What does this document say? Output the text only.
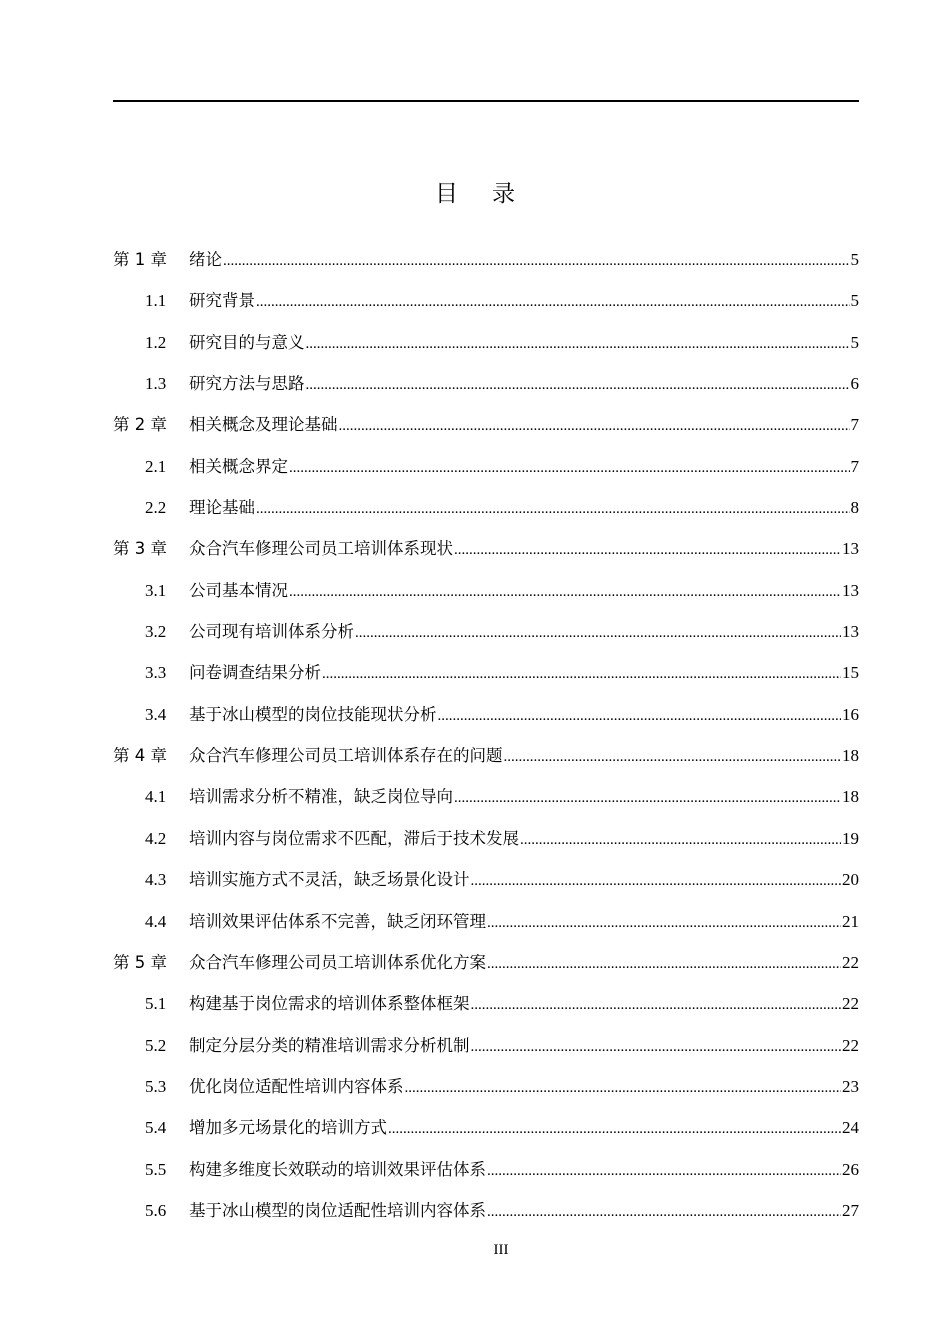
目录
第 1 章	绪论 .....	5
1.1	研究背景 .....	5
1.2	研究目的与意义 .....	5
1.3	研究方法与思路 .....	6
第 2 章	相关概念及理论基础 .....	7
2.1	相关概念界定 .....	7
2.2	理论基础 .....	8
第 3 章	众合汽车修理公司员工培训体系现状 .....	13
3.1	公司基本情况 .....	13
3.2	公司现有培训体系分析 .....	13
3.3	问卷调查结果分析 .....	15
3.4	基于冰山模型的岗位技能现状分析 .....	16
第 4 章	众合汽车修理公司员工培训体系存在的问题 .....	18
4.1	培训需求分析不精准，缺乏岗位导向 .....	18
4.2	培训内容与岗位需求不匹配，滞后于技术发展 .....	19
4.3	培训实施方式不灵活，缺乏场景化设计 .....	20
4.4	培训效果评估体系不完善，缺乏闭环管理 .....	21
第 5 章	众合汽车修理公司员工培训体系优化方案 .....	22
5.1	构建基于岗位需求的培训体系整体框架 .....	22
5.2	制定分层分类的精准培训需求分析机制 .....	22
5.3	优化岗位适配性培训内容体系 .....	23
5.4	增加多元场景化的培训方式 .....	24
5.5	构建多维度长效联动的培训效果评估体系 .....	26
5.6	基于冰山模型的岗位适配性培训内容体系 .....	27
III
